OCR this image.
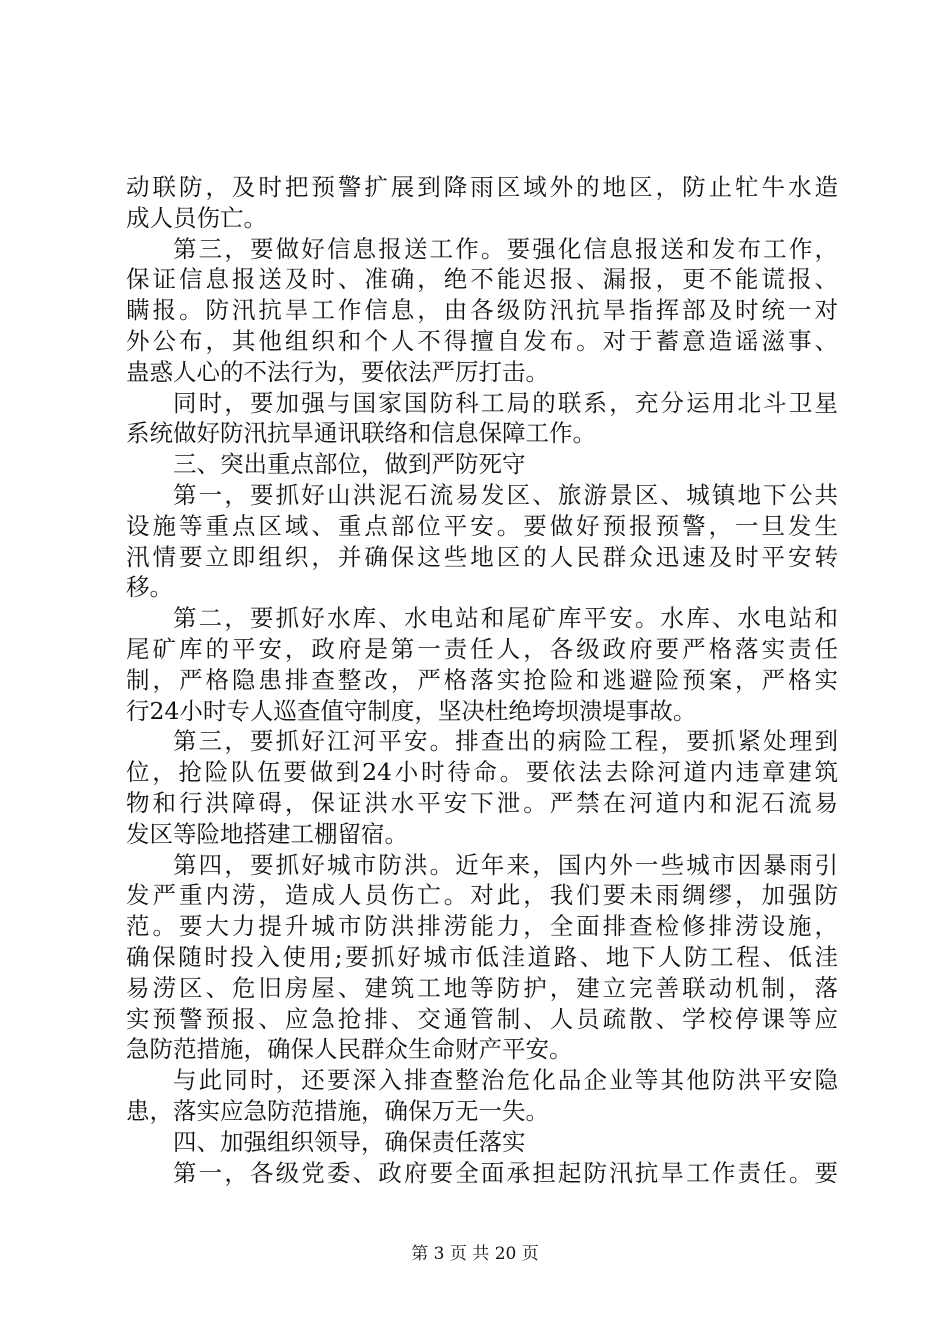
动联防，及时把预警扩展到降雨区域外的地区，防止牤牛水造
成人员伤亡。
第三，要做好信息报送工作。要强化信息报送和发布工作，
保证信息报送及时、准确，绝不能迟报、漏报，更不能谎报、
瞒报。防汛抗旱工作信息，由各级防汛抗旱指挥部及时统一对
外公布，其他组织和个人不得擅自发布。对于蓄意造谣滋事、
蛊惑人心的不法行为，要依法严厉打击。
同时，要加强与国家国防科工局的联系，充分运用北斗卫星
系统做好防汛抗旱通讯联络和信息保障工作。
三、突出重点部位，做到严防死守
第一，要抓好山洪泥石流易发区、旅游景区、城镇地下公共
设施等重点区域、重点部位平安。要做好预报预警，一旦发生
汛情要立即组织，并确保这些地区的人民群众迅速及时平安转
移。
第二，要抓好水库、水电站和尾矿库平安。水库、水电站和
尾矿库的平安，政府是第一责任人，各级政府要严格落实责任
制，严格隐患排查整改，严格落实抢险和逃避险预案，严格实
行24小时专人巡查值守制度，坚决杜绝垮坝溃堤事故。
第三，要抓好江河平安。排查出的病险工程，要抓紧处理到
位，抢险队伍要做到24小时待命。要依法去除河道内违章建筑
物和行洪障碍，保证洪水平安下泄。严禁在河道内和泥石流易
发区等险地搭建工棚留宿。
第四，要抓好城市防洪。近年来，国内外一些城市因暴雨引
发严重内涝，造成人员伤亡。对此，我们要未雨绸缪，加强防
范。要大力提升城市防洪排涝能力，全面排查检修排涝设施，
确保随时投入使用;要抓好城市低洼道路、地下人防工程、低洼
易涝区、危旧房屋、建筑工地等防护，建立完善联动机制，落
实预警预报、应急抢排、交通管制、人员疏散、学校停课等应
急防范措施，确保人民群众生命财产平安。
与此同时，还要深入排查整治危化品企业等其他防洪平安隐
患，落实应急防范措施，确保万无一失。
四、加强组织领导，确保责任落实
第一，各级党委、政府要全面承担起防汛抗旱工作责任。要
第 3 页 共 20 页
